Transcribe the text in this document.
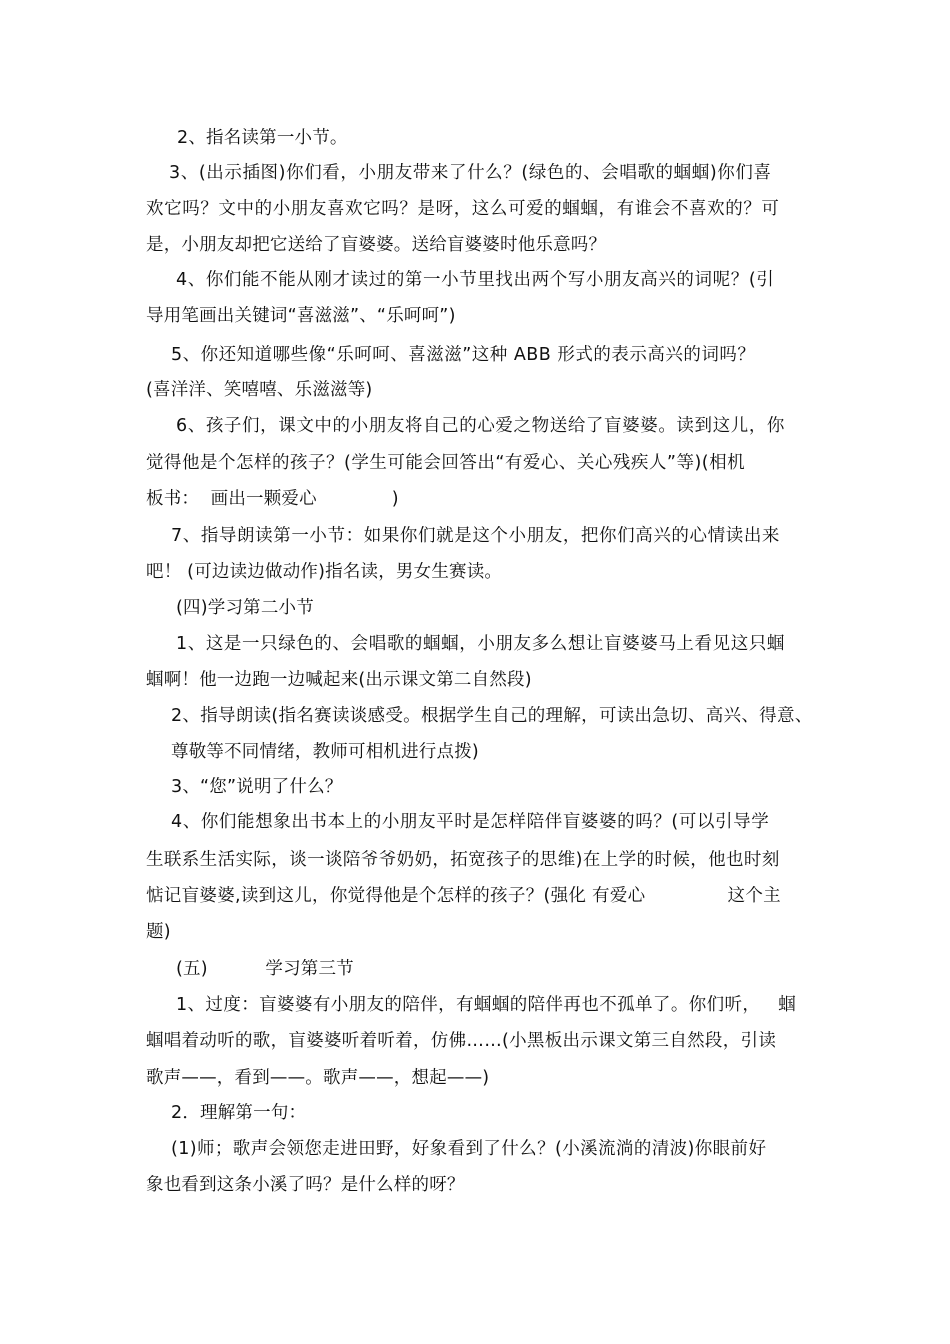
2、指名读第一小节。
3、(出示插图)你们看，小朋友带来了什么？(绿色的、会唱歌的蝈蝈)你们喜
欢它吗？文中的小朋友喜欢它吗？是呀，这么可爱的蝈蝈，有谁会不喜欢的？可
是，小朋友却把它送给了盲婆婆。送给盲婆婆时他乐意吗？
4、你们能不能从刚才读过的第一小节里找出两个写小朋友高兴的词呢？(引
导用笔画出关键词“喜滋滋”、“乐呵呵”)
5、你还知道哪些像“乐呵呵、喜滋滋”这种 ABB 形式的表示高兴的词吗？
(喜洋洋、笑嘻嘻、乐滋滋等)
6、孩子们，课文中的小朋友将自己的心爱之物送给了盲婆婆。读到这儿，你
觉得他是个怎样的孩子？(学生可能会回答出“有爱心、关心残疾人”等)(相机
板书：  画出一颗爱心             )
7、指导朗读第一小节：如果你们就是这个小朋友，把你们高兴的心情读出来
吧！ (可边读边做动作)指名读，男女生赛读。
(四)学习第二小节
1、这是一只绿色的、会唱歌的蝈蝈，小朋友多么想让盲婆婆马上看见这只蝈
蝈啊！他一边跑一边喊起来(出示课文第二自然段)
2、指导朗读(指名赛读谈感受。根据学生自己的理解，可读出急切、高兴、得意、
尊敬等不同情绪，教师可相机进行点拨)
3、“您”说明了什么？
4、你们能想象出书本上的小朋友平时是怎样陪伴盲婆婆的吗？(可以引导学
生联系生活实际，谈一谈陪爷爷奶奶，拓宽孩子的思维)在上学的时候，他也时刻
惦记盲婆婆,读到这儿，你觉得他是个怎样的孩子？(强化 有爱心              这个主
题)
(五)          学习第三节
1、过度：盲婆婆有小朋友的陪伴，有蝈蝈的陪伴再也不孤单了。你们听，   蝈
蝈唱着动听的歌，盲婆婆听着听着，仿佛……(小黑板出示课文第三自然段，引读
歌声——，看到——。歌声——，想起——)
2．理解第一句：
(1)师；歌声会领您走进田野，好象看到了什么？(小溪流淌的清波)你眼前好
象也看到这条小溪了吗？是什么样的呀？
